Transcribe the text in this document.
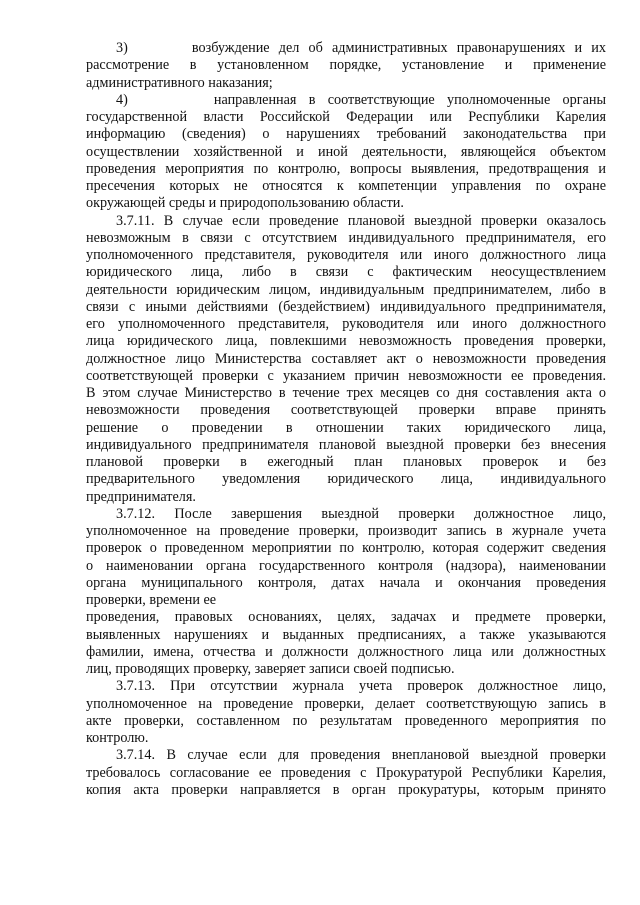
3)       возбуждение дел об административных правонарушениях и их
рассмотрение в установленном порядке, установление и применение
административного наказания;
4)       направленная в соответствующие уполномоченные органы
государственной власти Российской Федерации или Республики Карелия
информацию (сведения) о нарушениях требований законодательства при
осуществлении хозяйственной и иной деятельности, являющейся объектом
проведения мероприятия по контролю, вопросы выявления, предотвращения и
пресечения которых не относятся к компетенции управления по охране
окружающей среды и природопользованию области.
3.7.11. В случае если проведение плановой выездной проверки оказалось
невозможным в связи с отсутствием индивидуального предпринимателя, его
уполномоченного представителя, руководителя или иного должностного лица
юридического лица, либо в связи с фактическим неосуществлением
деятельности юридическим лицом, индивидуальным предпринимателем, либо в
связи с иными действиями (бездействием) индивидуального предпринимателя,
его уполномоченного представителя, руководителя или иного должностного
лица юридического лица, повлекшими невозможность проведения проверки,
должностное лицо Министерства составляет акт о невозможности проведения
соответствующей проверки с указанием причин невозможности ее проведения.
В этом случае Министерство в течение трех месяцев со дня составления акта о
невозможности проведения соответствующей проверки вправе принять
решение о проведении в отношении таких юридического лица,
индивидуального предпринимателя плановой выездной проверки без внесения
плановой проверки в ежегодный план плановых проверок и без
предварительного уведомления юридического лица, индивидуального
предпринимателя.
3.7.12. После завершения выездной проверки должностное лицо,
уполномоченное на проведение проверки, производит запись в журнале учета
проверок о проведенном мероприятии по контролю, которая содержит сведения
о наименовании органа государственного контроля (надзора), наименовании
органа муниципального контроля, датах начала и окончания проведения
проверки, времени ее
проведения, правовых основаниях, целях, задачах и предмете проверки,
выявленных нарушениях и выданных предписаниях, а также указываются
фамилии, имена, отчества и должности должностного лица или должностных
лиц, проводящих проверку, заверяет записи своей подписью.
3.7.13. При отсутствии журнала учета проверок должностное лицо,
уполномоченное на проведение проверки, делает соответствующую запись в
акте проверки, составленном по результатам проведенного мероприятия по
контролю.
3.7.14. В случае если для проведения внеплановой выездной проверки
требовалось согласование ее проведения с Прокуратурой Республики Карелия,
копия акта проверки направляется в орган прокуратуры, которым принято
